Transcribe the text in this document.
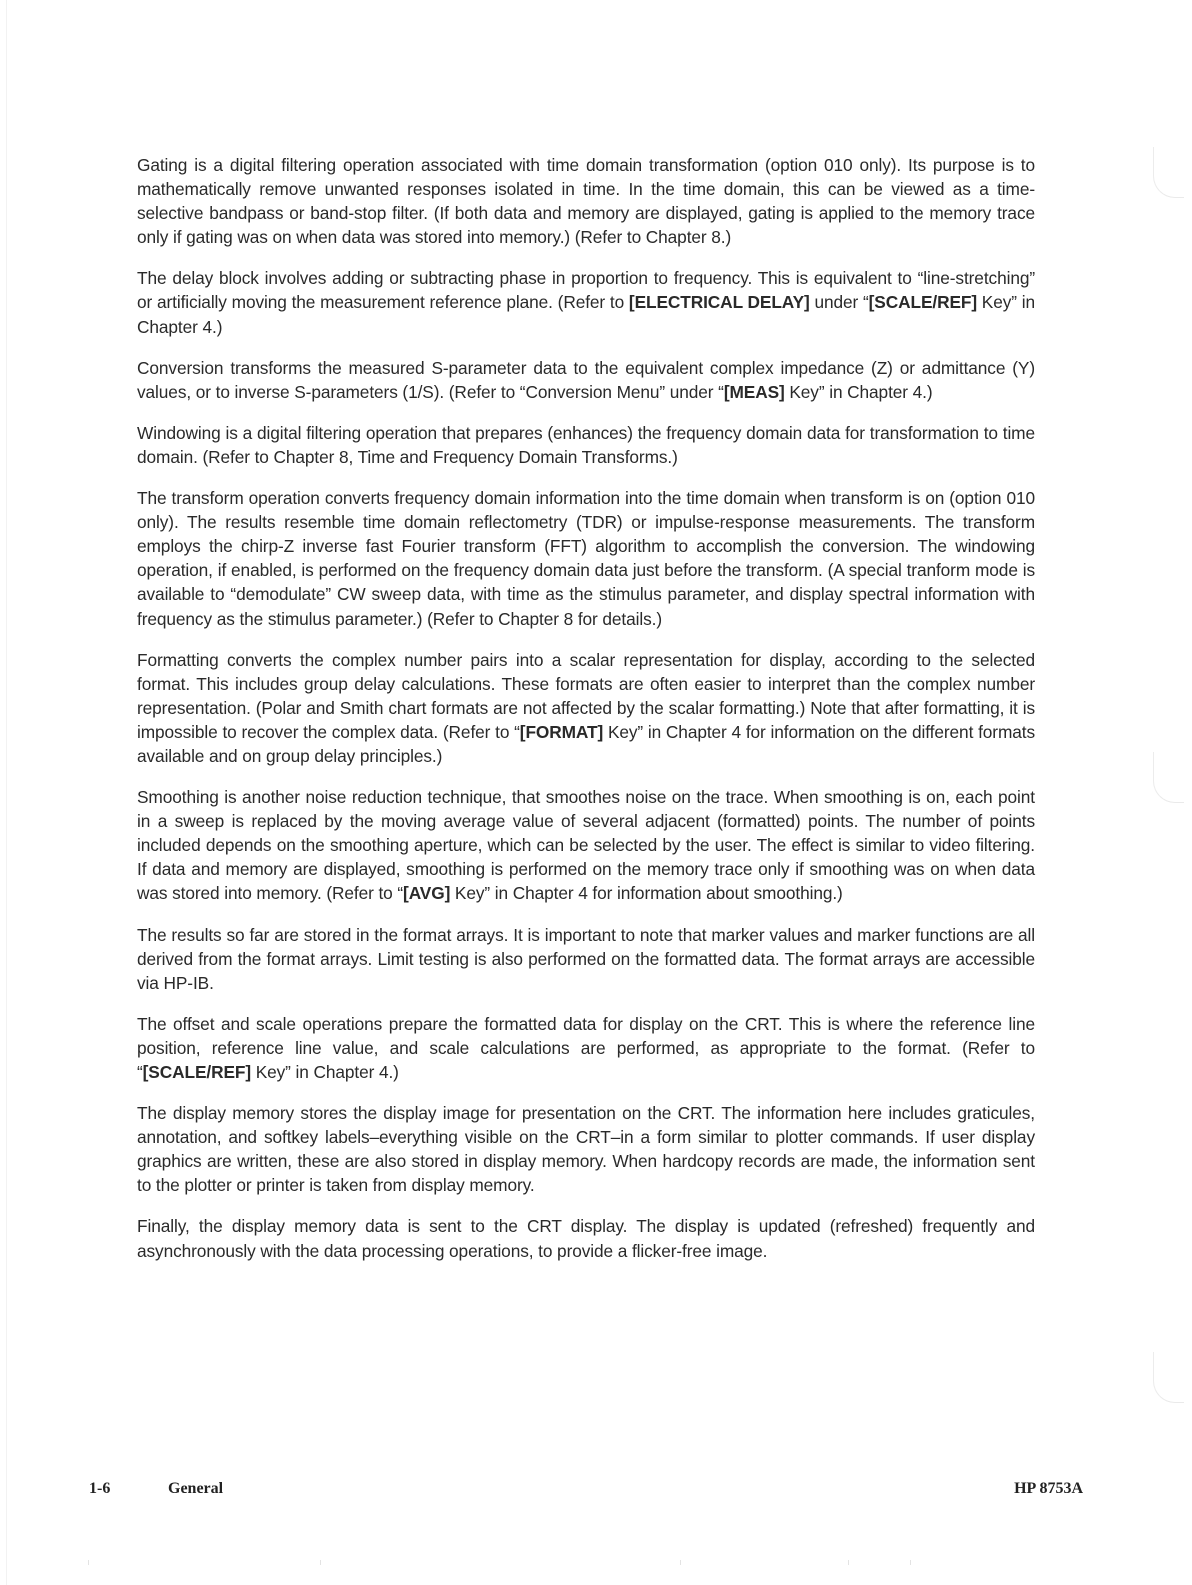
Gating is a digital filtering operation associated with time domain transformation (option 010 only). Its purpose is to mathematically remove unwanted responses isolated in time. In the time domain, this can be viewed as a time-selective bandpass or band-stop filter. (If both data and memory are displayed, gating is applied to the memory trace only if gating was on when data was stored into memory.) (Refer to Chapter 8.)

The delay block involves adding or subtracting phase in proportion to frequency. This is equivalent to “line-stretching” or artificially moving the measurement reference plane. (Refer to [ELECTRICAL DELAY] under “[SCALE/REF] Key” in Chapter 4.)

Conversion transforms the measured S-parameter data to the equivalent complex impedance (Z) or admittance (Y) values, or to inverse S-parameters (1/S). (Refer to “Conversion Menu” under “[MEAS] Key” in Chapter 4.)

Windowing is a digital filtering operation that prepares (enhances) the frequency domain data for transformation to time domain. (Refer to Chapter 8, Time and Frequency Domain Transforms.)

The transform operation converts frequency domain information into the time domain when transform is on (option 010 only). The results resemble time domain reflectometry (TDR) or impulse-response measurements. The transform employs the chirp-Z inverse fast Fourier transform (FFT) algorithm to accomplish the conversion. The windowing operation, if enabled, is performed on the frequency domain data just before the transform. (A special tranform mode is available to “demodulate” CW sweep data, with time as the stimulus parameter, and display spectral information with frequency as the stimulus parameter.) (Refer to Chapter 8 for details.)

Formatting converts the complex number pairs into a scalar representation for display, according to the selected format. This includes group delay calculations. These formats are often easier to interpret than the complex number representation. (Polar and Smith chart formats are not affected by the scalar formatting.) Note that after formatting, it is impossible to recover the complex data. (Refer to “[FORMAT] Key” in Chapter 4 for information on the different formats available and on group delay principles.)

Smoothing is another noise reduction technique, that smoothes noise on the trace. When smoothing is on, each point in a sweep is replaced by the moving average value of several adjacent (formatted) points. The number of points included depends on the smoothing aperture, which can be selected by the user. The effect is similar to video filtering. If data and memory are displayed, smoothing is performed on the memory trace only if smoothing was on when data was stored into memory. (Refer to “[AVG] Key” in Chapter 4 for information about smoothing.)

The results so far are stored in the format arrays. It is important to note that marker values and marker functions are all derived from the format arrays. Limit testing is also performed on the formatted data. The format arrays are accessible via HP-IB.

The offset and scale operations prepare the formatted data for display on the CRT. This is where the reference line position, reference line value, and scale calculations are performed, as appropriate to the format. (Refer to “[SCALE/REF] Key” in Chapter 4.)

The display memory stores the display image for presentation on the CRT. The information here includes graticules, annotation, and softkey labels–everything visible on the CRT–in a form similar to plotter commands. If user display graphics are written, these are also stored in display memory. When hardcopy records are made, the information sent to the plotter or printer is taken from display memory.

Finally, the display memory data is sent to the CRT display. The display is updated (refreshed) frequently and asynchronously with the data processing operations, to provide a flicker-free image.

1-6	General	HP 8753A
